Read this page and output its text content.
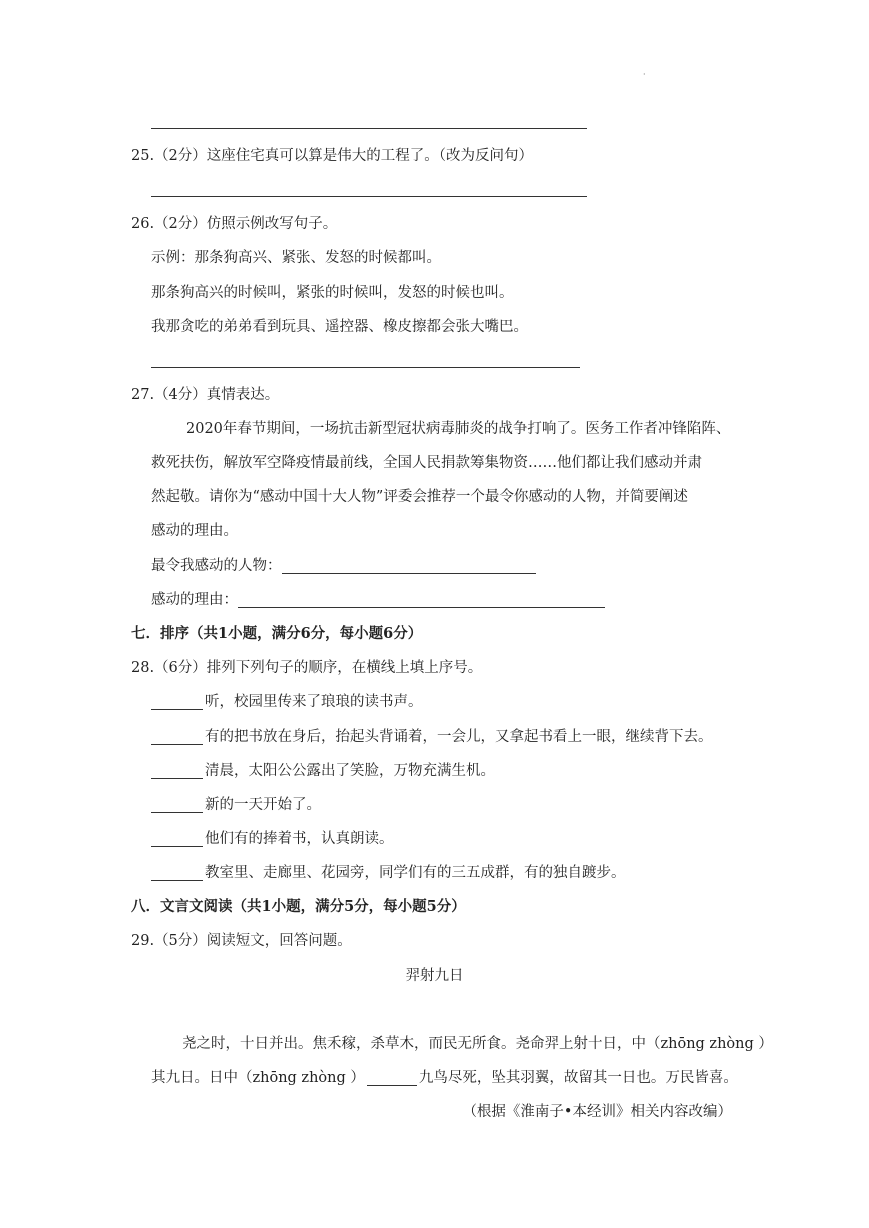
·
25.（2分）这座住宅真可以算是伟大的工程了。（改为反问句）
26.（2分）仿照示例改写句子。
示例：那条狗高兴、紧张、发怒的时候都叫。
那条狗高兴的时候叫，紧张的时候叫，发怒的时候也叫。
我那贪吃的弟弟看到玩具、遥控器、橡皮擦都会张大嘴巴。
27.（4分）真情表达。
2020年春节期间，一场抗击新型冠状病毒肺炎的战争打响了。医务工作者冲锋陷阵、
救死扶伤，解放军空降疫情最前线，全国人民捐款筹集物资……他们都让我们感动并肃
然起敬。请你为“感动中国十大人物”评委会推荐一个最令你感动的人物，并简要阐述
感动的理由。
最令我感动的人物：
感动的理由：
七．排序（共1小题，满分6分，每小题6分）
28.（6分）排列下列句子的顺序，在横线上填上序号。
听，校园里传来了琅琅的读书声。
有的把书放在身后，抬起头背诵着，一会儿，又拿起书看上一眼，继续背下去。
清晨，太阳公公露出了笑脸，万物充满生机。
新的一天开始了。
他们有的捧着书，认真朗读。
教室里、走廊里、花园旁，同学们有的三五成群，有的独自踱步。
八．文言文阅读（共1小题，满分5分，每小题5分）
29.（5分）阅读短文，回答问题。
羿射九日
尧之时，十日并出。焦禾稼，杀草木，而民无所食。尧命羿上射十日，中（zhōng zhòng ）
其九日。日中（zhōng zhòng ）	九鸟尽死，坠其羽翼，故留其一日也。万民皆喜。
（根据《淮南子•本经训》相关内容改编）
